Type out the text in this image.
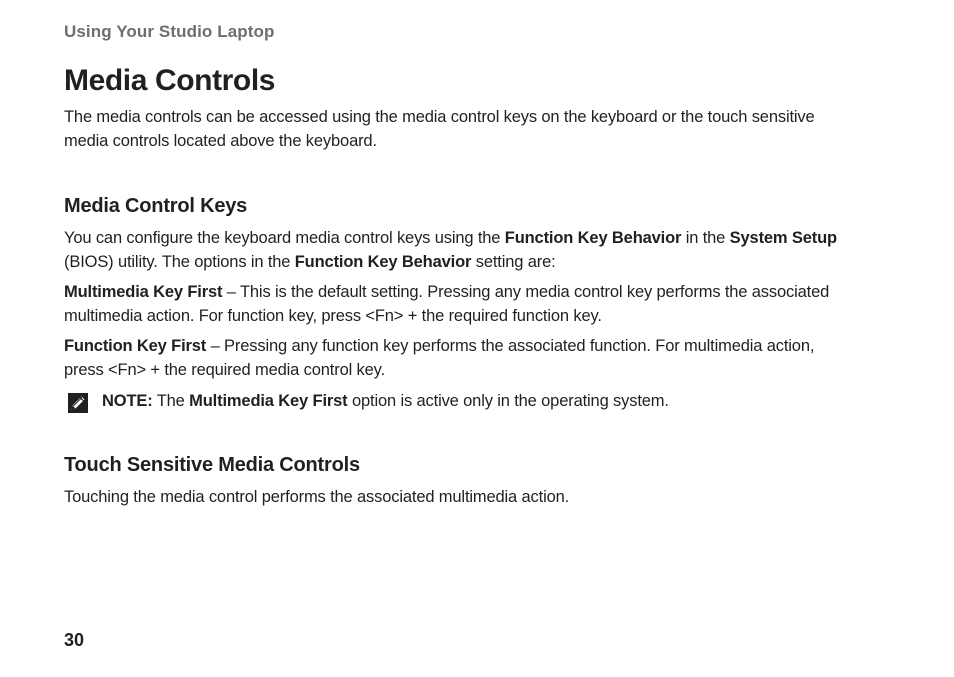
Using Your Studio Laptop
Media Controls

The media controls can be accessed using the media control keys on the keyboard or the touch sensitive media controls located above the keyboard.

Media Control Keys

You can configure the keyboard media control keys using the Function Key Behavior in the System Setup (BIOS) utility. The options in the Function Key Behavior setting are:

Multimedia Key First – This is the default setting. Pressing any media control key performs the associated multimedia action. For function key, press <Fn> + the required function key.

Function Key First – Pressing any function key performs the associated function. For multimedia action, press <Fn> + the required media control key.

NOTE: The Multimedia Key First option is active only in the operating system.
Touch Sensitive Media Controls

Touching the media control performs the associated multimedia action.

30
